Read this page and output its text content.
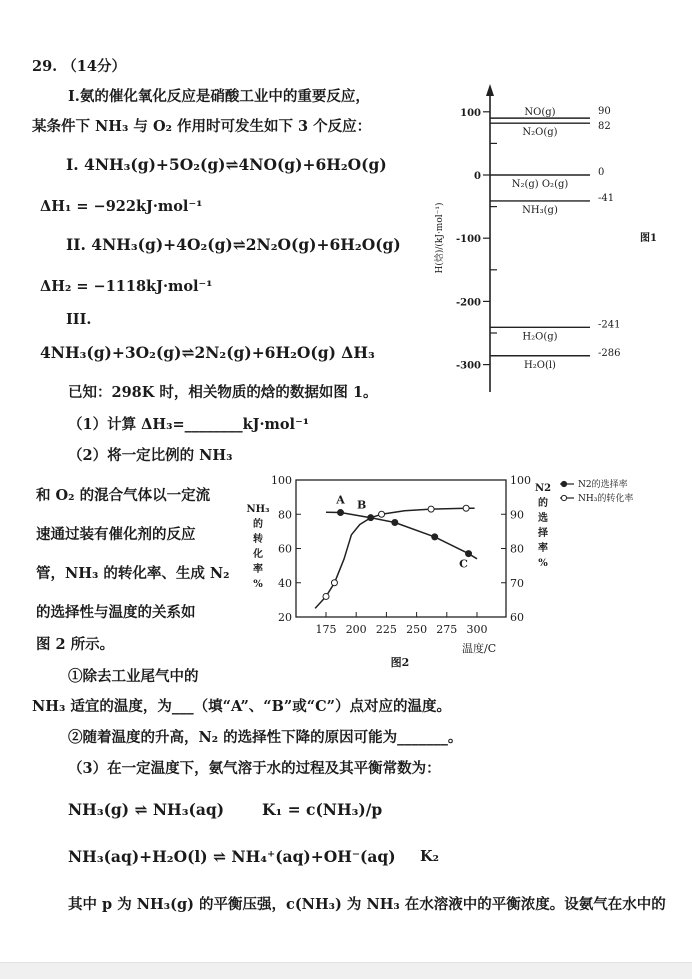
29. （14分）
I.氨的催化氧化反应是硝酸工业中的重要反应，
某条件下 NH₃ 与 O₂ 作用时可发生如下 3 个反应：
I. 4NH₃(g)+5O₂(g)⇌4NO(g)+6H₂O(g)
ΔH₁ = −922kJ·mol⁻¹
II. 4NH₃(g)+4O₂(g)⇌2N₂O(g)+6H₂O(g)
ΔH₂ = −1118kJ·mol⁻¹
III.
4NH₃(g)+3O₂(g)⇌2N₂(g)+6H₂O(g) ΔH₃
已知：298K 时，相关物质的焓的数据如图 1。
（1）计算 ΔH₃=________kJ·mol⁻¹
（2）将一定比例的 NH₃
和 O₂ 的混合气体以一定流
速通过装有催化剂的反应
管，NH₃ 的转化率、生成 N₂
的选择性与温度的关系如
图 2 所示。
①除去工业尾气中的
NH₃ 适宜的温度，为___（填“A”、“B”或“C”）点对应的温度。
②随着温度的升高，N₂ 的选择性下降的原因可能为_______。
（3）在一定温度下，氨气溶于水的过程及其平衡常数为：
NH₃(g) ⇌ NH₃(aq) K₁ = c(NH₃)/p
NH₃(aq)+H₂O(l) ⇌ NH₄⁺(aq)+OH⁻(aq) K₂
其中 p 为 NH₃(g) 的平衡压强，c(NH₃) 为 NH₃ 在水溶液中的平衡浓度。设氨气在水中的
100
0
-100
-200
-300
NO(g)	90
N₂O(g)
82
N₂(g) O₂(g)
0
NH₃(g)
-41
H₂O(g)
-241
H₂O(l)
-286
H(焓)/(kJ·mol⁻¹)	图1
100
80
60
40
20
100
90
80
70
60
175 200 225 250 275 300
NH₃
的
转
化
率
%
N2
的
选
择
率
%
温度/C
图2
N2的选择率
NH₃的转化率
A B
C
